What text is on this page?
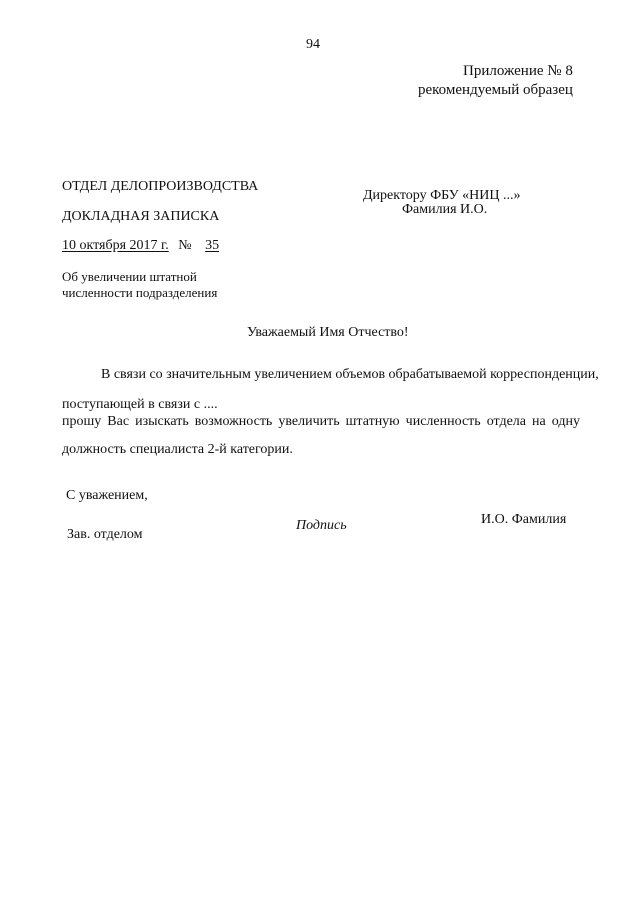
94
Приложение № 8
рекомендуемый образец
ОТДЕЛ ДЕЛОПРОИЗВОДСТВА
ДОКЛАДНАЯ ЗАПИСКА
10 октября 2017 г. № 35
Директору ФБУ «НИЦ ...»
Фамилия И.О.
Об увеличении штатной
численности подразделения
Уважаемый Имя Отчество!
В связи со значительным увеличением объемов обрабатываемой корреспонденции,
поступающей в связи с ....
прошу Вас изыскать возможность увеличить штатную численность отдела на одну
должность специалиста 2-й категории.
С уважением,
Зав. отделом
Подпись	И.О. Фамилия
